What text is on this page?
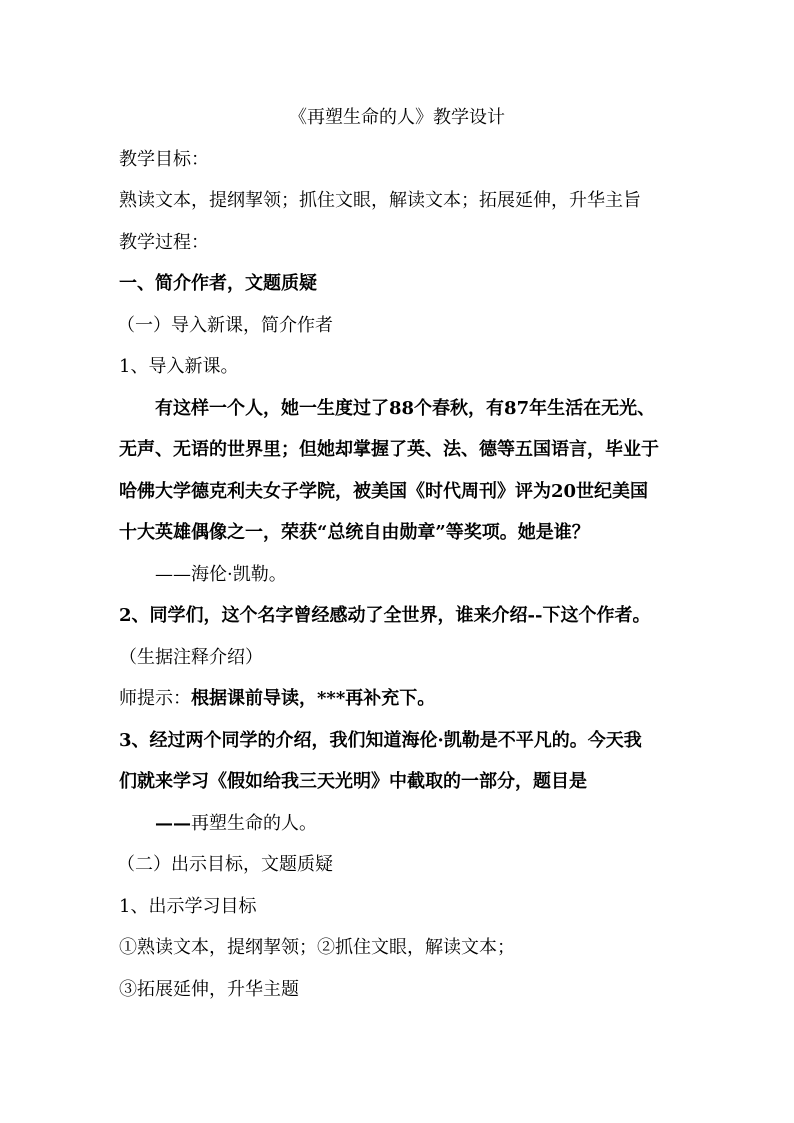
《再塑生命的人》教学设计
教学目标：
熟读文本，提纲挈领；抓住文眼，解读文本；拓展延伸，升华主旨
教学过程：
一、简介作者，文题质疑
（一）导入新课，简介作者
1、导入新课。
有这样一个人，她一生度过了88个春秋，有87年生活在无光、
无声、无语的世界里；但她却掌握了英、法、德等五国语言，毕业于
哈佛大学德克利夫女子学院，被美国《时代周刊》评为20世纪美国
十大英雄偶像之一，荣获“总统自由勋章”等奖项。她是谁？
——海伦·凯勒。
2、同学们，这个名字曾经感动了全世界，谁来介绍--下这个作者。
（生据注释介绍）
师提示：根据课前导读，***再补充下。
3、经过两个同学的介绍，我们知道海伦·凯勒是不平凡的。今天我
们就来学习《假如给我三天光明》中截取的一部分，题目是
——再塑生命的人。
（二）出示目标，文题质疑
1、出示学习目标
①熟读文本，提纲挈领；②抓住文眼，解读文本；
③拓展延伸，升华主题
